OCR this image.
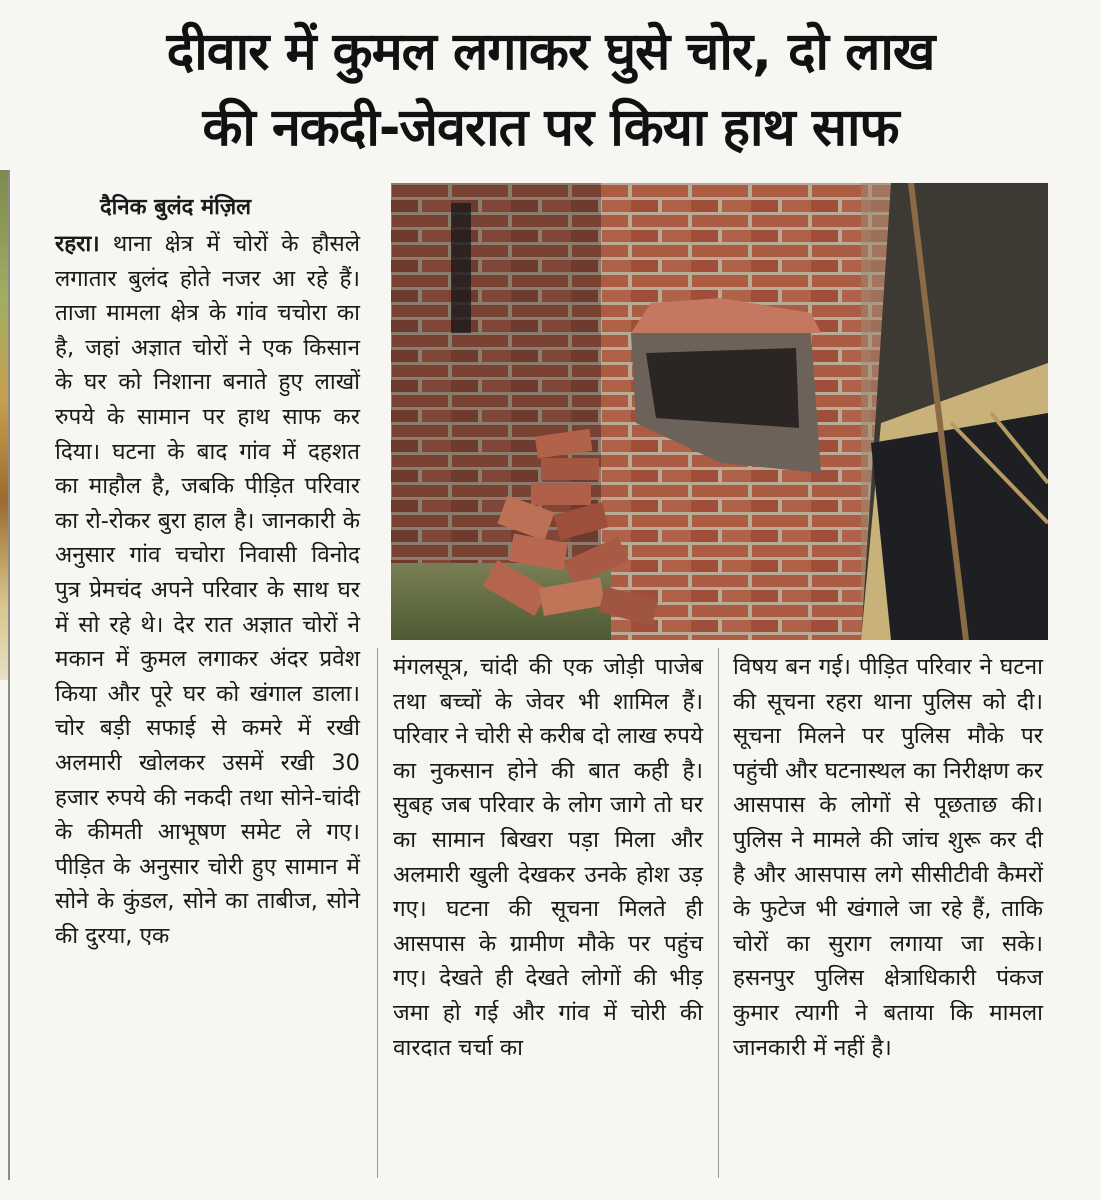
दीवार में कुमल लगाकर घुसे चोर, दो लाख
की नकदी-जेवरात पर किया हाथ साफ
दैनिक बुलंद मंज़िल
रहरा। थाना क्षेत्र में चोरों के हौसले लगातार बुलंद होते नजर आ रहे हैं। ताजा मामला क्षेत्र के गांव चचोरा का है, जहां अज्ञात चोरों ने एक किसान के घर को निशाना बनाते हुए लाखों रुपये के सामान पर हाथ साफ कर दिया। घटना के बाद गांव में दहशत का माहौल है, जबकि पीड़ित परिवार का रो-रोकर बुरा हाल है। जानकारी के अनुसार गांव चचोरा निवासी विनोद पुत्र प्रेमचंद अपने परिवार के साथ घर में सो रहे थे। देर रात अज्ञात चोरों ने मकान में कुमल लगाकर अंदर प्रवेश किया और पूरे घर को खंगाल डाला। चोर बड़ी सफाई से कमरे में रखी अलमारी खोलकर उसमें रखी 30 हजार रुपये की नकदी तथा सोने-चांदी के कीमती आभूषण समेट ले गए। पीड़ित के अनुसार चोरी हुए सामान में सोने के कुंडल, सोने का ताबीज, सोने की दुरया, एक
मंगलसूत्र, चांदी की एक जोड़ी पाजेब तथा बच्चों के जेवर भी शामिल हैं। परिवार ने चोरी से करीब दो लाख रुपये का नुकसान होने की बात कही है। सुबह जब परिवार के लोग जागे तो घर का सामान बिखरा पड़ा मिला और अलमारी खुली देखकर उनके होश उड़ गए। घटना की सूचना मिलते ही आसपास के ग्रामीण मौके पर पहुंच गए। देखते ही देखते लोगों की भीड़ जमा हो गई और गांव में चोरी की वारदात चर्चा का
विषय बन गई। पीड़ित परिवार ने घटना की सूचना रहरा थाना पुलिस को दी। सूचना मिलने पर पुलिस मौके पर पहुंची और घटनास्थल का निरीक्षण कर आसपास के लोगों से पूछताछ की। पुलिस ने मामले की जांच शुरू कर दी है और आसपास लगे सीसीटीवी कैमरों के फुटेज भी खंगाले जा रहे हैं, ताकि चोरों का सुराग लगाया जा सके। हसनपुर पुलिस क्षेत्राधिकारी पंकज कुमार त्यागी ने बताया कि मामला जानकारी में नहीं है।
